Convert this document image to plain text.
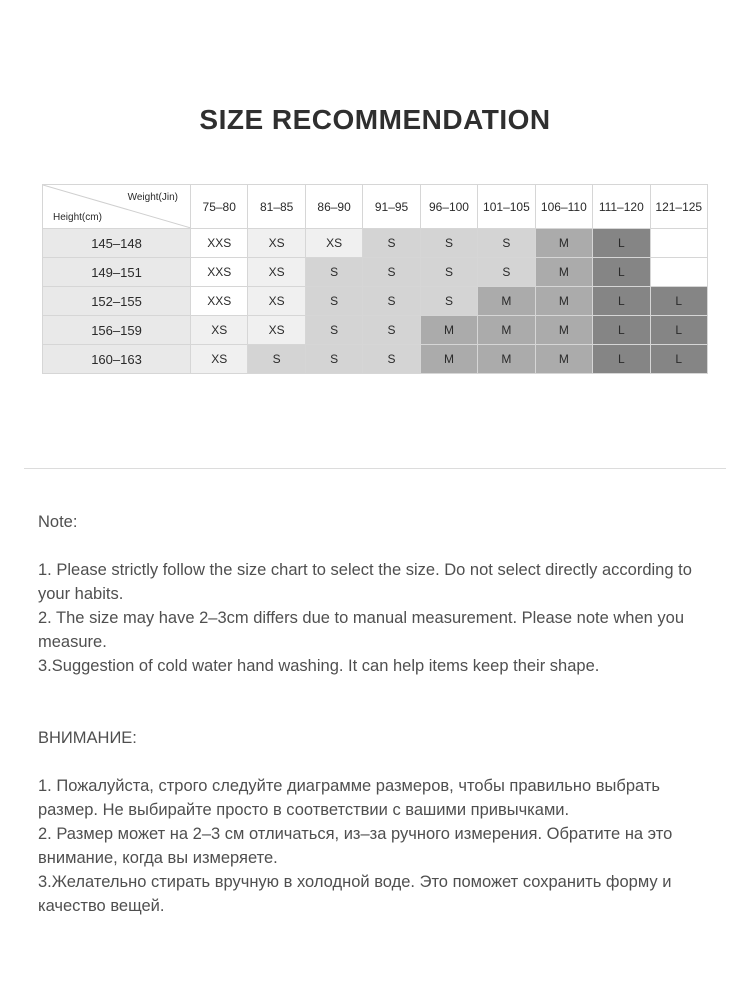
SIZE RECOMMENDATION
Weight(Jin)
Height(cm)	75–80	81–85	86–90	91–95	96–100	101–105	106–110	111–120	121–125
145–148	XXS	XS	XS	S	S	S	M	L	
149–151	XXS	XS	S	S	S	S	M	L	
152–155	XXS	XS	S	S	S	M	M	L	L
156–159	XS	XS	S	S	M	M	M	L	L
160–163	XS	S	S	S	M	M	M	L	L

Note:

1. Please strictly follow the size chart to select the size. Do not select directly according to your habits.

2. The size may have 2–3cm differs due to manual measurement. Please note when you measure.

3.Suggestion of cold water hand washing. It can help items keep their shape.

ВНИМАНИЕ:

1. Пожалуйста, строго следуйте диаграмме размеров, чтобы правильно выбрать размер. Не выбирайте просто в соответствии с вашими привычками.

2. Размер может на 2–3 см отличаться, из–за ручного измерения. Обратите на это внимание, когда вы измеряете.

3.Желательно стирать вручную в холодной воде. Это поможет сохранить форму и качество вещей.
